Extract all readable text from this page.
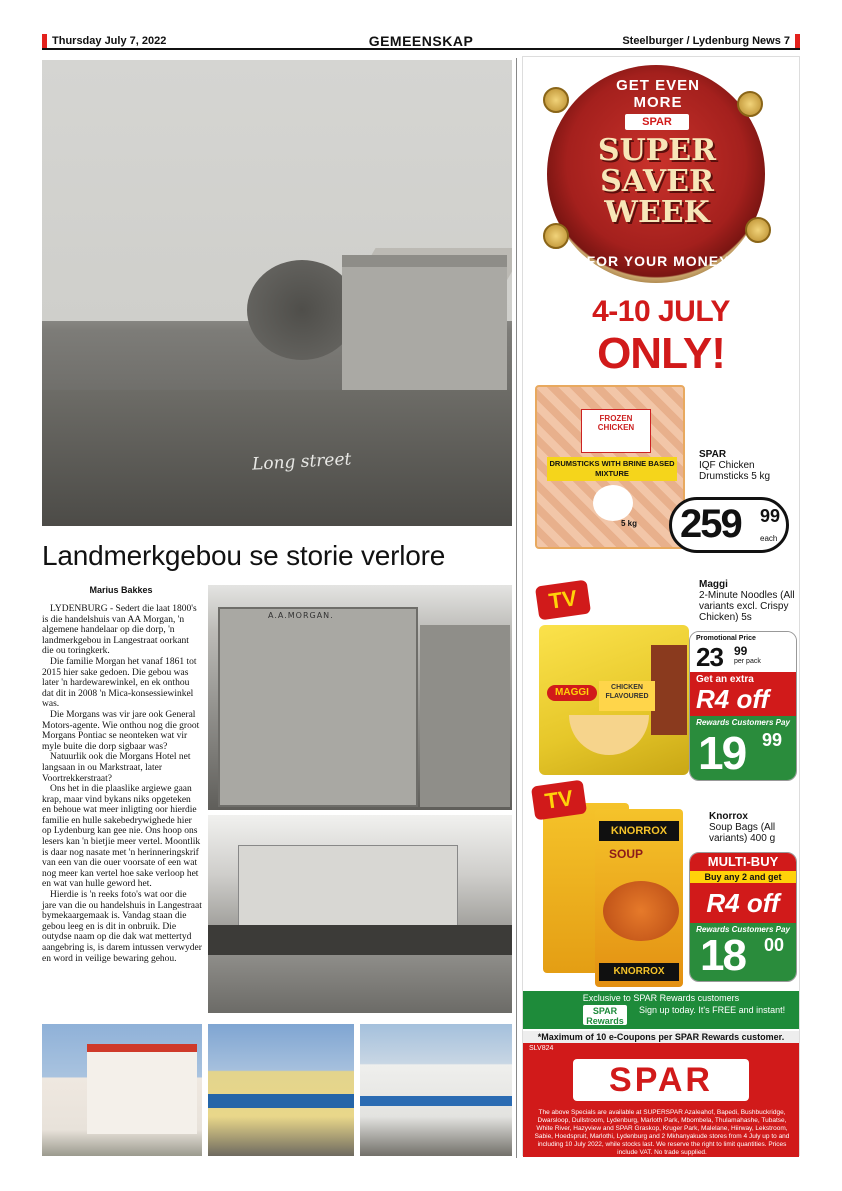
Thursday July 7, 2022	GEMEENSKAP	Steelburger / Lydenburg News 7
Long street
Landmerkgebou se storie verlore
Marius Bakkes

LYDENBURG - Sedert die laat 1800's is die handelshuis van AA Morgan, 'n algemene handelaar op die dorp, 'n landmerkgebou in Langestraat oorkant die ou toringkerk.

Die familie Morgan het vanaf 1861 tot 2015 hier sake gedoen. Die gebou was later 'n hardewarewinkel, en ek onthou dat dit in 2008 'n Mica-konsessiewinkel was.

Die Morgans was vir jare ook General Motors-agente. Wie onthou nog die groot Morgans Pontiac se neonteken wat vir myle buite die dorp sigbaar was?

Natuurlik ook die Morgans Hotel net langsaan in ou Markstraat, later Voortrekkerstraat?

Ons het in die plaaslike argiewe gaan krap, maar vind bykans niks opgeteken en behoue wat meer inligting oor hierdie familie en hulle sakebedrywighede hier op Lydenburg kan gee nie. Ons hoop ons lesers kan 'n bietjie meer vertel. Moontlik is daar nog nasate met 'n herinneringskrif van een van die ouer voorsate of een wat nog meer kan vertel hoe sake verloop het en wat van hulle geword het.

Hierdie is 'n reeks foto's wat oor die jare van die ou handelshuis in Langestraat bymekaargemaak is. Vandag staan die gebou leeg en is dit in onbruik. Die outydse naam op die dak wat mettertyd aangebring is, is darem intussen verwyder en word in veilige bewaring gehou.

A.A.MORGAN.
GET EVEN MORE
SPAR
SUPER
SAVER
WEEK
FOR YOUR MONEY
4-10 JULY
ONLY!
FROZEN CHICKEN
DRUMSTICKS WITH BRINE BASED MIXTURE
5 kg
SPAR
IQF Chicken Drumsticks 5 kg
259 99
each
MAGGI	CHICKEN FLAVOURED
TV
Maggi
2-Minute Noodles (All variants excl. Crispy Chicken) 5s
Promotional Price
23 99
per pack
Get an extra
R4 off
Rewards Customers Pay
19 99
KNORROX
SOUP
KNORROX
TV
Knorrox
Soup Bags (All variants) 400 g
MULTI-BUY
Buy any 2 and get
R4 off
Rewards Customers Pay
18 00
Exclusive to SPAR Rewards customers
SPAR Rewards
Sign up today. It's FREE and instant!
*Maximum of 10 e-Coupons per SPAR Rewards customer.
SLV824
SPAR
The above Specials are available at SUPERSPAR Azaleahof, Bapedi, Bushbuckridge, Dwarsloop, Dullstroom, Lydenburg, Marloth Park, Mbombela, Thulamahashe, Tubatse, White River, Hazyview and SPAR Graskop, Kruger Park, Malelane, Hiirway, Lekstroom, Sabie, Hoedspruit, Marlothi, Lydenburg and 2 Mkhanyakude stores from 4 July up to and including 10 July 2022, while stocks last. We reserve the right to limit quantities. Prices include VAT. No trade supplied.
